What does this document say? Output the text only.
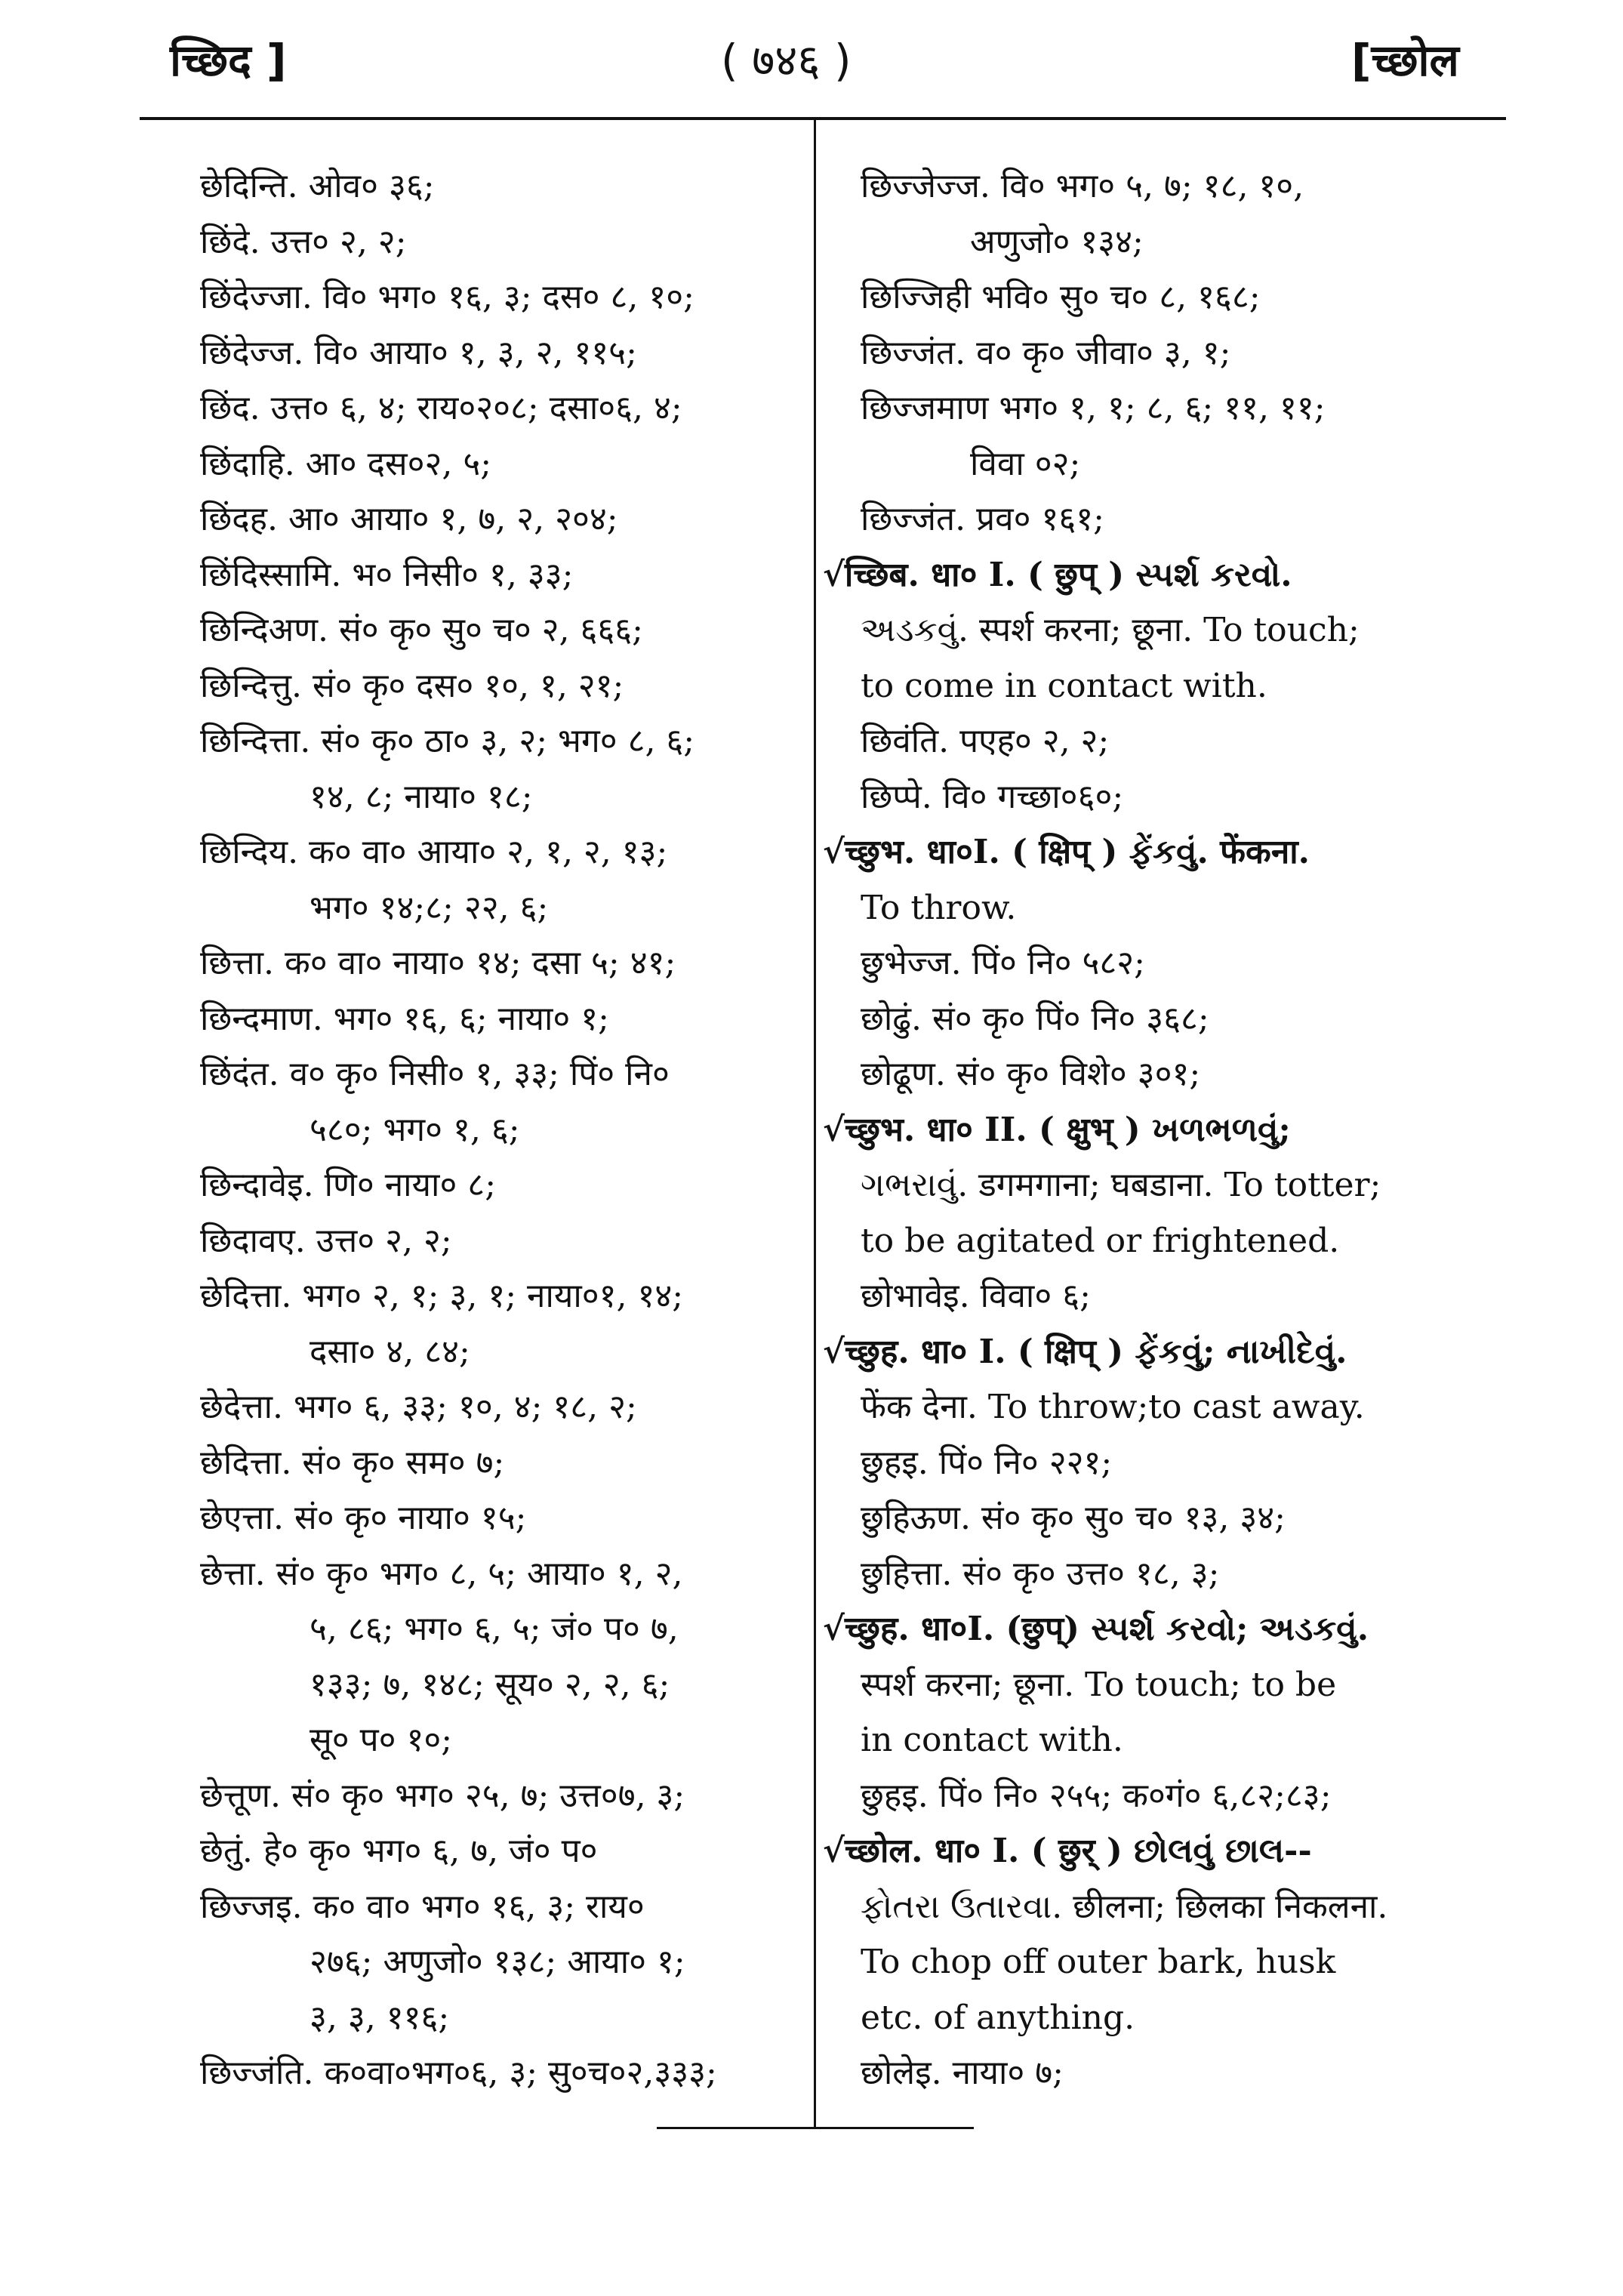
च्छिद ]	( ७४६ )	[च्छोल
छेदिन्ति. ओव० ३६;
छिंदे. उत्त० २, २;
छिंदेज्जा. वि० भग० १६, ३; दस० ८, १०;
छिंदेज्ज. वि० आया० १, ३, २, ११५;
छिंद. उत्त० ६, ४; राय०२०८; दसा०६, ४;
छिंदाहि. आ० दस०२, ५;
छिंदह. आ० आया० १, ७, २, २०४;
छिंदिस्सामि. भ० निसी० १, ३३;
छिन्दिअण. सं० कृ० सु० च० २, ६६६;
छिन्दित्तु. सं० कृ० दस० १०, १, २१;
छिन्दित्ता. सं० कृ० ठा० ३, २; भग० ८, ६;
१४, ८; नाया० १८;
छिन्दिय. क० वा० आया० २, १, २, १३;
भग० १४;८; २२, ६;
छित्ता. क० वा० नाया० १४; दसा ५; ४१;
छिन्दमाण. भग० १६, ६; नाया० १;
छिंदंत. व० कृ० निसी० १, ३३; पिं० नि०
५८०; भग० १, ६;
छिन्दावेइ. णि० नाया० ८;
छिदावए. उत्त० २, २;
छेदित्ता. भग० २, १; ३, १; नाया०१, १४;
दसा० ४, ८४;
छेदेत्ता. भग० ६, ३३; १०, ४; १८, २;
छेदित्ता. सं० कृ० सम० ७;
छेएत्ता. सं० कृ० नाया० १५;
छेत्ता. सं० कृ० भग० ८, ५; आया० १, २,
५, ८६; भग० ६, ५; जं० प० ७,
१३३; ७, १४८; सूय० २, २, ६;
सू० प० १०;
छेत्तूण. सं० कृ० भग० २५, ७; उत्त०७, ३;
छेतुं. हे० कृ० भग० ६, ७, जं० प०
छिज्जइ. क० वा० भग० १६, ३; राय०
२७६; अणुजो० १३८; आया० १;
३, ३, ११६;
छिज्जंति. क०वा०भग०६, ३; सु०च०२,३३३;
छिज्जेज्ज. वि० भग० ५, ७; १८, १०,
अणुजो० १३४;
छिज्जिही भवि० सु० च० ८, १६८;
छिज्जंत. व० कृ० जीवा० ३, १;
छिज्जमाण भग० १, १; ८, ६; ११, ११;
विवा ०२;
छिज्जंत. प्रव० १६१;
√च्छिब. धा० I. ( छुप् ) સ્પર્શ કરવો.
અડકવું. स्पर्श करना; छूना. To touch;
to come in contact with.
छिवंति. पएह० २, २;
छिप्पे. वि० गच्छा०६०;
√च्छुभ. धा०I. ( क्षिप् ) ફેંકવું. फेंकना.
To throw.
छुभेज्ज. पिं० नि० ५८२;
छोढुं. सं० कृ० पिं० नि० ३६८;
छोढूण. सं० कृ० विशे० ३०१;
√च्छुभ. धा० II. ( क्षुभ् ) ખળભળવું;
ગભરાવું. डगमगाना; घबडाना. To totter;
to be agitated or frightened.
छोभावेइ. विवा० ६;
√च्छुह. धा० I. ( क्षिप् ) ફેંકવું; નાખીદેવું.
फेंक देना. To throw;to cast away.
छुहइ. पिं० नि० २२१;
छुहिऊण. सं० कृ० सु० च० १३, ३४;
छुहित्ता. सं० कृ० उत्त० १८, ३;
√च्छुह. धा०I. (छुप्) સ્પર્શ કરવો; અડકવું.
स्पर्श करना; छूना. To touch; to be
in contact with.
छुहइ. पिं० नि० २५५; क०गं० ६,८२;८३;
√च्छोल. धा० I. ( छुर् ) છોલવું છાલ--
ફોતરા ઉતારવા. छीलना; छिलका निकलना.
To chop off outer bark, husk
etc. of anything.
छोलेइ. नाया० ७;
